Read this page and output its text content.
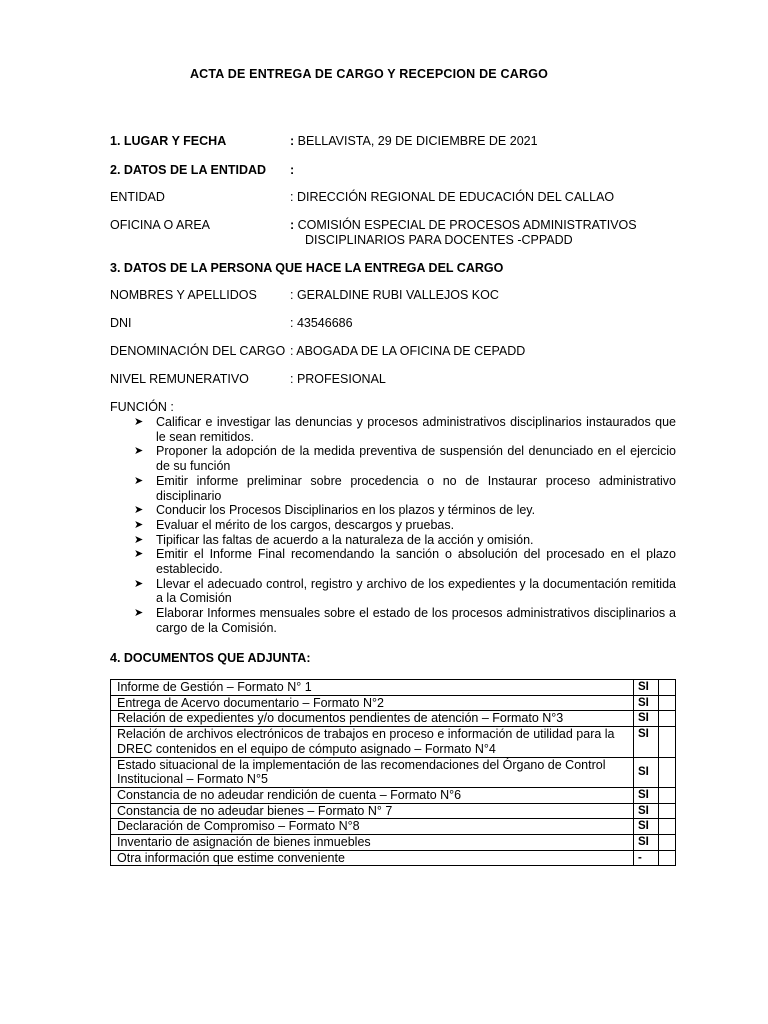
ACTA DE ENTREGA DE CARGO Y RECEPCION DE CARGO
1. LUGAR Y FECHA	: BELLAVISTA, 29 DE DICIEMBRE DE 2021
2. DATOS DE LA ENTIDAD :
ENTIDAD	: DIRECCIÓN REGIONAL DE EDUCACIÓN DEL CALLAO
OFICINA O AREA	: COMISIÓN ESPECIAL DE PROCESOS ADMINISTRATIVOS
DISCIPLINARIOS PARA DOCENTES -CPPADD
3. DATOS DE LA PERSONA QUE HACE LA ENTREGA DEL CARGO
NOMBRES Y APELLIDOS	: GERALDINE RUBI VALLEJOS KOC
DNI	: 43546686
DENOMINACIÓN DEL CARGO : ABOGADA DE LA OFICINA DE CEPADD
NIVEL REMUNERATIVO	: PROFESIONAL
FUNCIÓN :
➤ Calificar e investigar las denuncias y procesos administrativos disciplinarios instaurados que le sean remitidos.
➤ Proponer la adopción de la medida preventiva de suspensión del denunciado en el ejercicio de su función
➤ Emitir informe preliminar sobre procedencia o no de Instaurar proceso administrativo disciplinario
➤ Conducir los Procesos Disciplinarios en los plazos y términos de ley.
➤ Evaluar el mérito de los cargos, descargos y pruebas.
➤ Tipificar las faltas de acuerdo a la naturaleza de la acción y omisión.
➤ Emitir el Informe Final recomendando la sanción o absolución del procesado en el plazo establecido.
➤ Llevar el adecuado control, registro y archivo de los expedientes y la documentación remitida a la Comisión
➤ Elaborar Informes mensuales sobre el estado de los procesos administrativos disciplinarios a cargo de la Comisión.
4. DOCUMENTOS QUE ADJUNTA:
Informe de Gestión – Formato N° 1	SI	
Entrega de Acervo documentario – Formato N°2	SI	
Relación de expedientes y/o documentos pendientes de atención – Formato N°3	SI	
Relación de archivos electrónicos de trabajos en proceso e información de utilidad para la DREC contenidos en el equipo de cómputo asignado – Formato N°4	SI	
Estado situacional de la implementación de las recomendaciones del Órgano de Control Institucional – Formato N°5	SI	
Constancia de no adeudar rendición de cuenta – Formato N°6	SI	
Constancia de no adeudar bienes – Formato N° 7	SI	
Declaración de Compromiso – Formato N°8	SI	
Inventario de asignación de bienes inmuebles	SI	
Otra información que estime conveniente	-	
